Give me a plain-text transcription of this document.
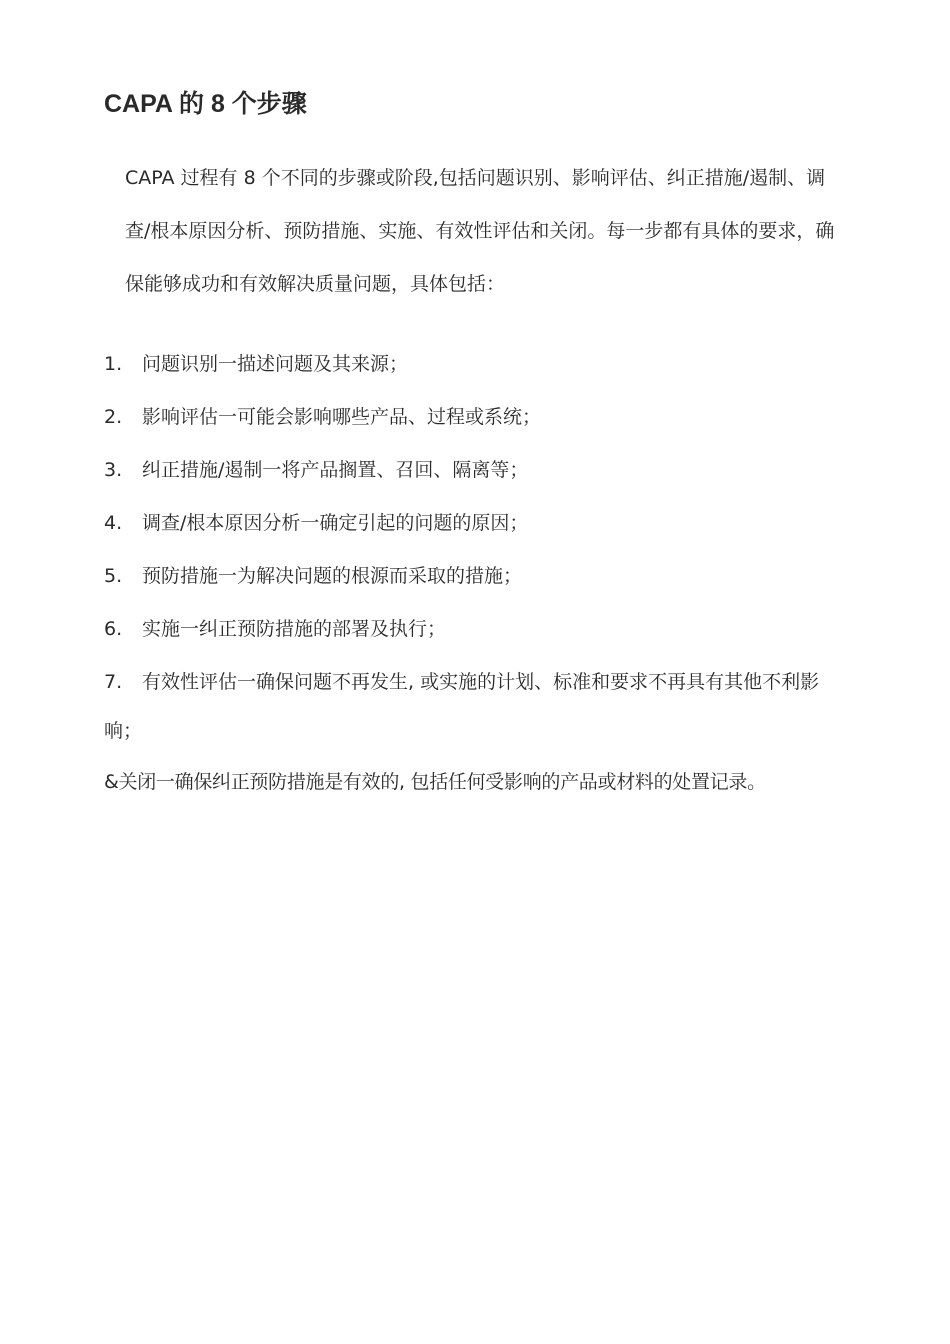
CAPA 的 8 个步骤

CAPA 过程有 8 个不同的步骤或阶段,包括问题识别、影响评估、纠正措施/遏制、调查/根本原因分析、预防措施、实施、有效性评估和关闭。每一步都有具体的要求，确保能够成功和有效解决质量问题，具体包括：

1. 问题识别一描述问题及其来源；
2. 影响评估一可能会影响哪些产品、过程或系统；
3. 纠正措施/遏制一将产品搁置、召回、隔离等；
4. 调查/根本原因分析一确定引起的问题的原因；
5. 预防措施一为解决问题的根源而采取的措施；
6. 实施一纠正预防措施的部署及执行；
7. 有效性评估一确保问题不再发生, 或实施的计划、标准和要求不再具有其他不利影响；

&关闭一确保纠正预防措施是有效的, 包括任何受影响的产品或材料的处置记录。
